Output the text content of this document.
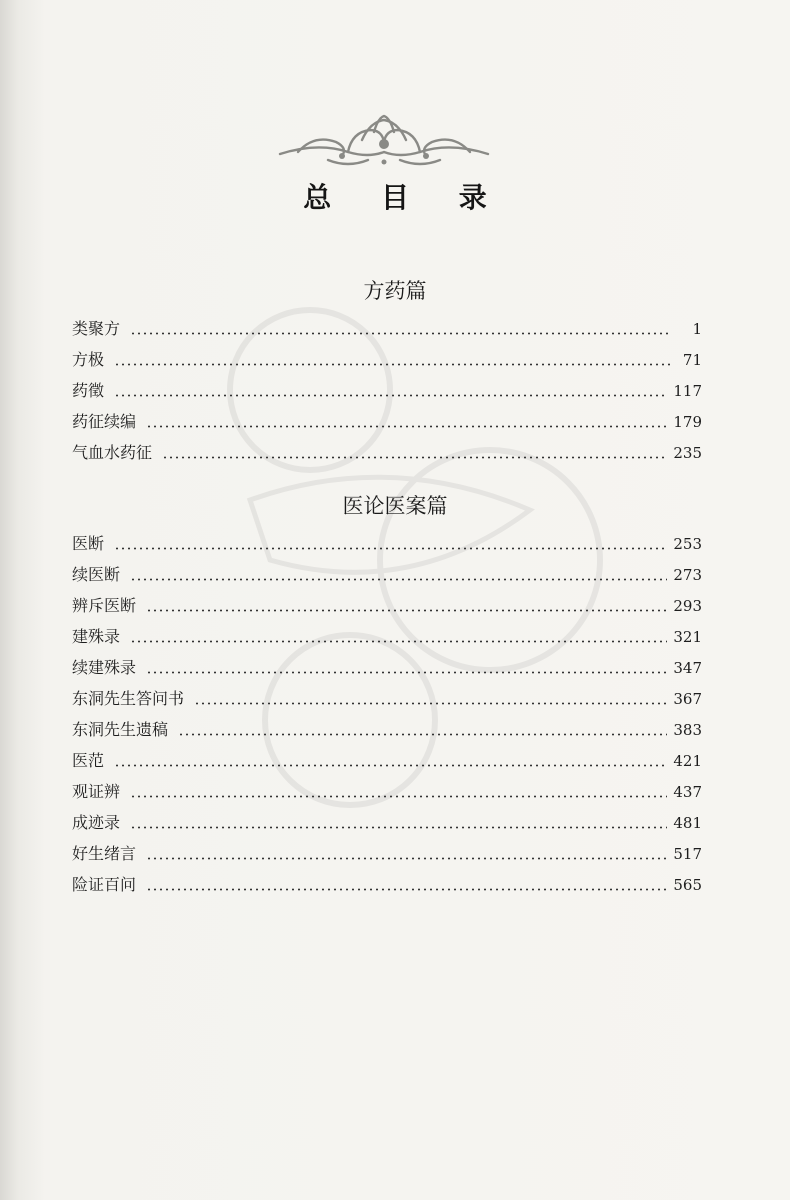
总 目 录
方药篇
类聚方	1
方极	71
药徵	117
药征续编	179
气血水药征	235
医论医案篇
医断	253
续医断	273
辨斥医断	293
建殊录	321
续建殊录	347
东洞先生答问书	367
东洞先生遗稿	383
医范	421
观证辨	437
成迹录	481
好生绪言	517
险证百问	565
